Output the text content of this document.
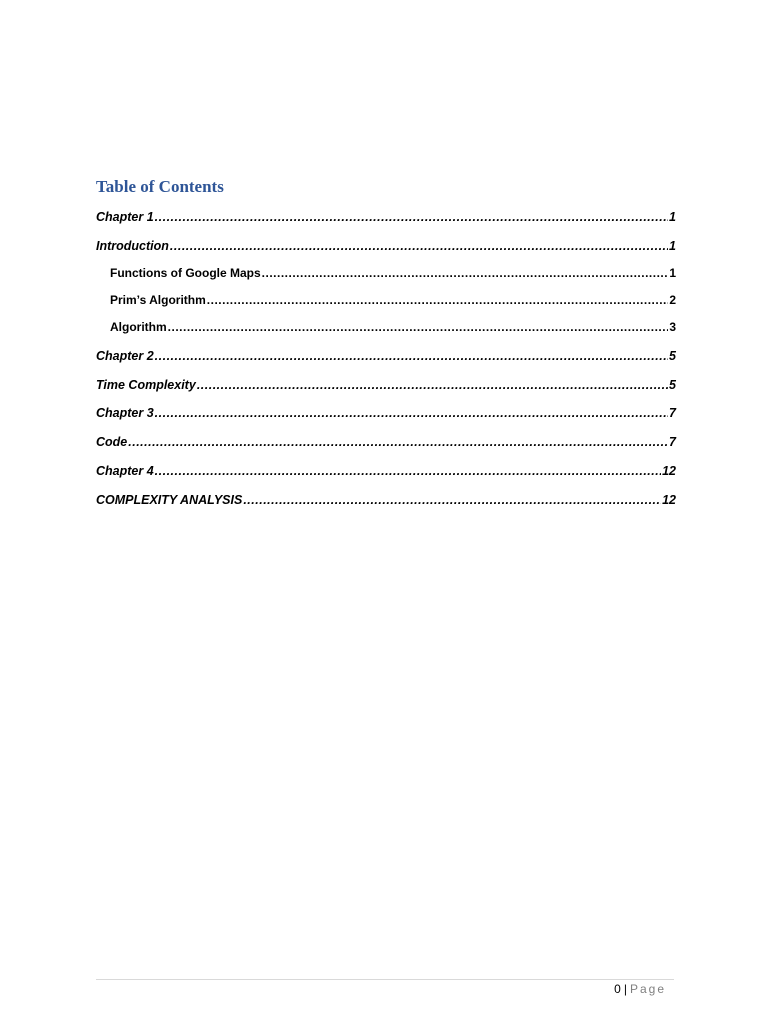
Table of Contents
Chapter 1 .....	1
Introduction .....	1
Functions of Google Maps .....	1
Prim’s Algorithm .....	2
Algorithm .....	3
Chapter 2 .....	5
Time Complexity .....	5
Chapter 3 .....	7
Code .....	7
Chapter 4 .....	12
COMPLEXITY ANALYSIS .....	12
0 | Page
